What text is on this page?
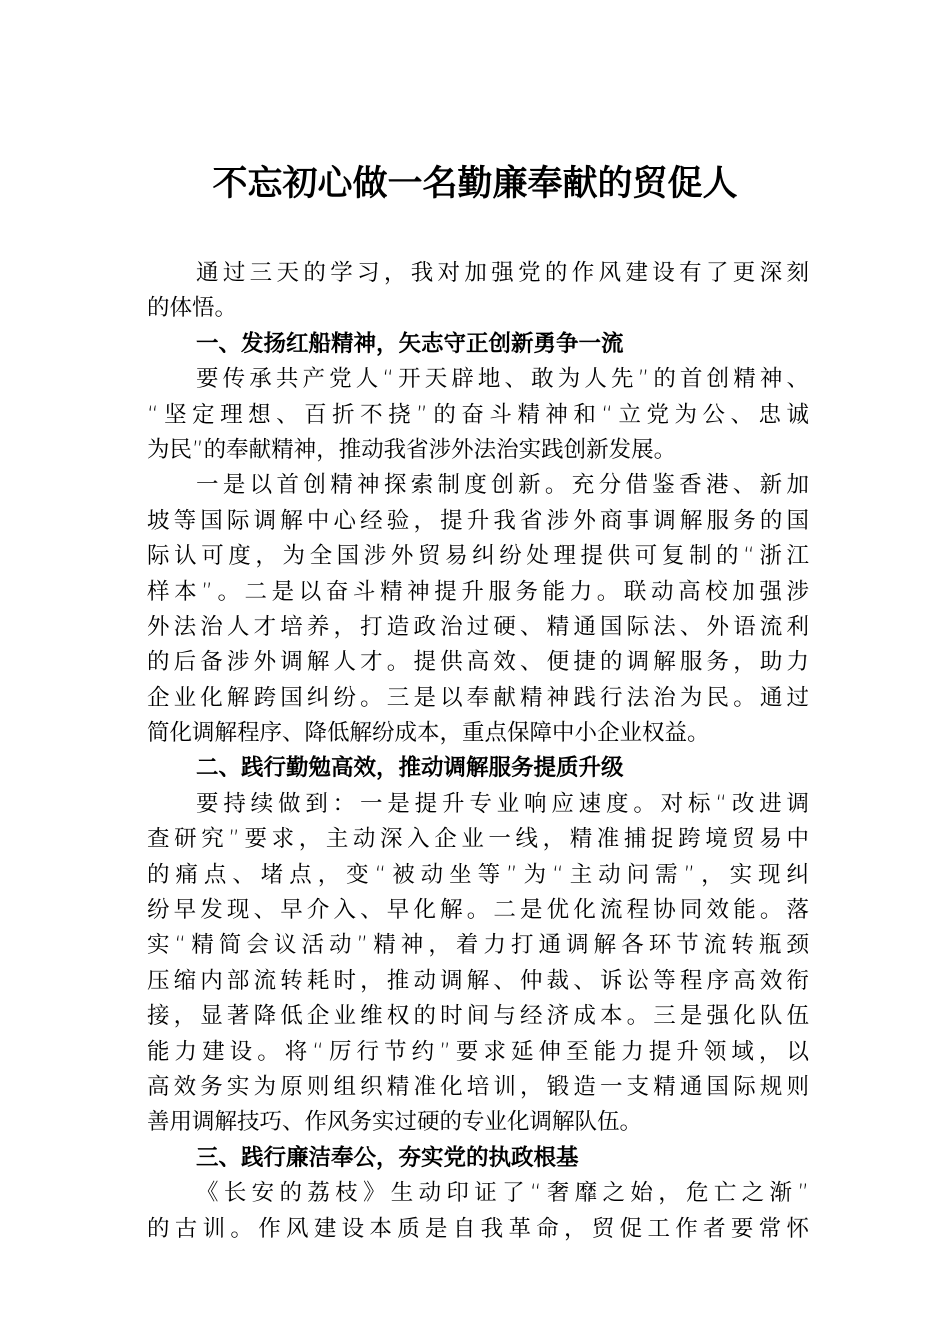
不忘初心做一名勤廉奉献的贸促人
通过三天的学习，我对加强党的作风建设有了更深刻
的体悟。
一、发扬红船精神，矢志守正创新勇争一流
要传承共产党人“开天辟地、敢为人先”的首创精神、
“坚定理想、百折不挠”的奋斗精神和“立党为公、忠诚
为民”的奉献精神，推动我省涉外法治实践创新发展。
一是以首创精神探索制度创新。充分借鉴香港、新加
坡等国际调解中心经验，提升我省涉外商事调解服务的国
际认可度，为全国涉外贸易纠纷处理提供可复制的“浙江
样本”。二是以奋斗精神提升服务能力。联动高校加强涉
外法治人才培养，打造政治过硬、精通国际法、外语流利
的后备涉外调解人才。提供高效、便捷的调解服务，助力
企业化解跨国纠纷。三是以奉献精神践行法治为民。通过
简化调解程序、降低解纷成本，重点保障中小企业权益。
二、践行勤勉高效，推动调解服务提质升级
要持续做到：一是提升专业响应速度。对标“改进调
查研究”要求，主动深入企业一线，精准捕捉跨境贸易中
的痛点、堵点，变“被动坐等”为“主动问需”，实现纠
纷早发现、早介入、早化解。二是优化流程协同效能。落
实“精简会议活动”精神，着力打通调解各环节流转瓶颈
压缩内部流转耗时，推动调解、仲裁、诉讼等程序高效衔
接，显著降低企业维权的时间与经济成本。三是强化队伍
能力建设。将“厉行节约”要求延伸至能力提升领域，以
高效务实为原则组织精准化培训，锻造一支精通国际规则
善用调解技巧、作风务实过硬的专业化调解队伍。
三、践行廉洁奉公，夯实党的执政根基
《长安的荔枝》生动印证了“奢靡之始，危亡之渐”
的古训。作风建设本质是自我革命，贸促工作者要常怀
